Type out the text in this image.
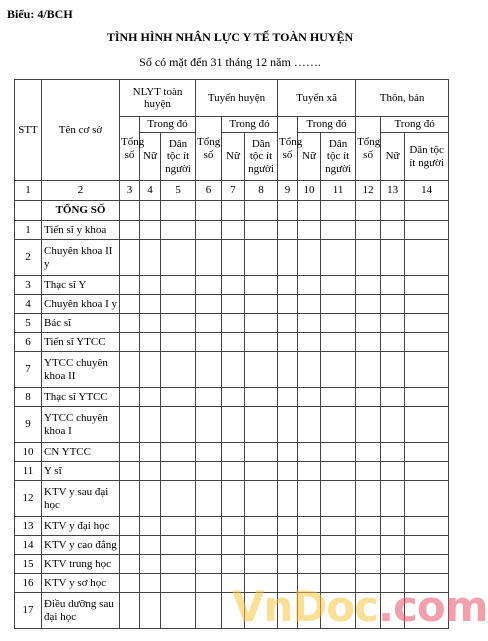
Biểu: 4/BCH
TÌNH HÌNH NHÂN LỰC Y TẾ TOÀN HUYỆN
Số có mặt đến 31 tháng 12 năm …….
STT	Tên cơ sở	NLYT toàn huyện			Tuyến huyện			Tuyến xã			Thôn, bản		
		Tổng số	Trong đó		Tổng số	Trong đó		Tổng số	Trong đó		Tổng số	Trong đó	
			Nữ	Dân tộc ít người		Nữ	Dân tộc ít người		Nữ	Dân tộc ít người		Nữ	Dân tộc ít người
1	2	3	4	5	6	7	8	9	10	11	12	13	14
	TỔNG SỐ												
1	Tiến sĩ y khoa												
2	Chuyên khoa II y												
3	Thạc sĩ Y												
4	Chuyên khoa I y												
5	Bác sĩ												
6	Tiến sĩ YTCC												
7	YTCC chuyên khoa II												
8	Thạc sĩ YTCC												
9	YTCC chuyên khoa I												
10	CN YTCC												
11	Y sĩ												
12	KTV y sau đại học												
13	KTV y đại học												
14	KTV y cao đẳng												
15	KTV trung học												
16	KTV y sơ học												
17	Điều dưỡng sau đại học													VnDoc.com
